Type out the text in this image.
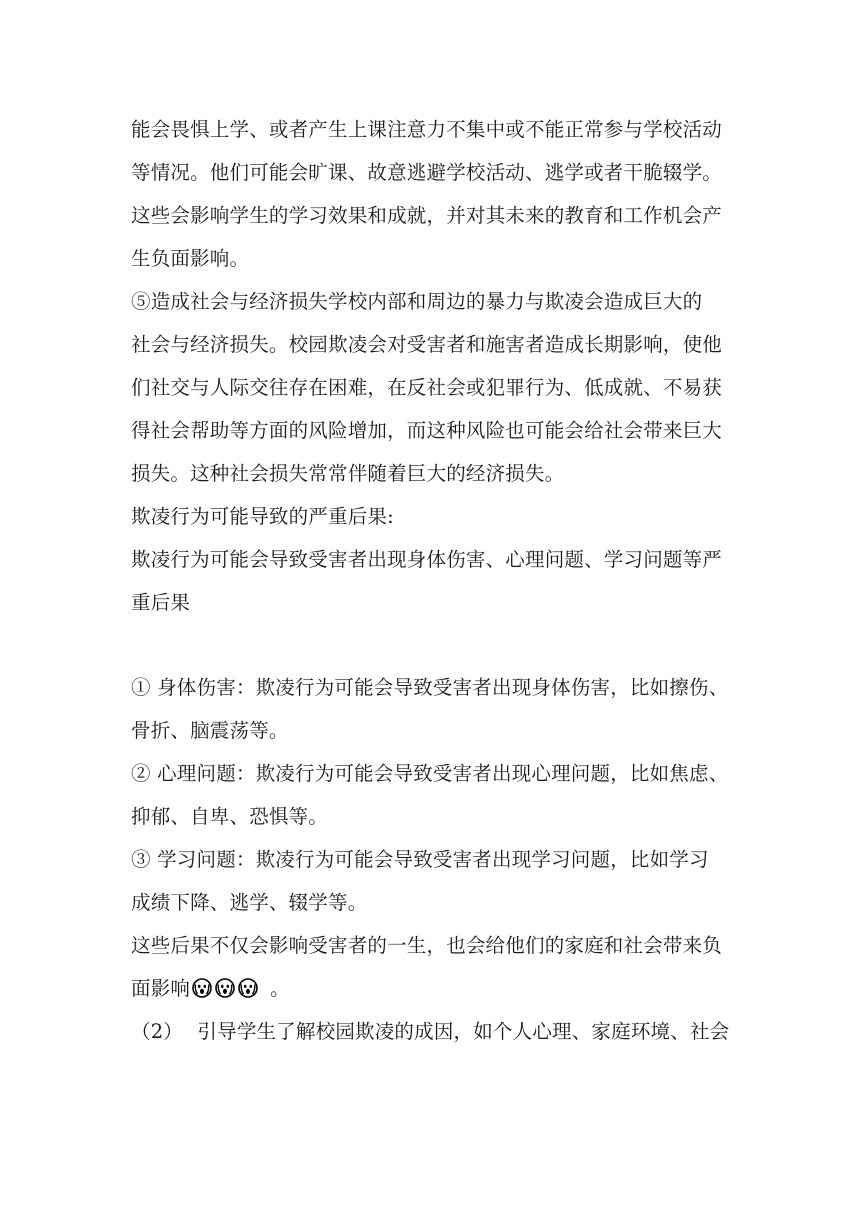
能会畏惧上学、或者产生上课注意力不集中或不能正常参与学校活动
等情况。他们可能会旷课、故意逃避学校活动、逃学或者干脆辍学。
这些会影响学生的学习效果和成就，并对其未来的教育和工作机会产
生负面影响。
⑤造成社会与经济损失学校内部和周边的暴力与欺凌会造成巨大的
社会与经济损失。校园欺凌会对受害者和施害者造成长期影响，使他
们社交与人际交往存在困难，在反社会或犯罪行为、低成就、不易获
得社会帮助等方面的风险增加，而这种风险也可能会给社会带来巨大
损失。这种社会损失常常伴随着巨大的经济损失。
欺凌行为可能导致的严重后果:
欺凌行为可能会导致受害者出现身体伤害、心理问题、学习问题等严
重后果
① 身体伤害：欺凌行为可能会导致受害者出现身体伤害，比如擦伤、
骨折、脑震荡等。
② 心理问题：欺凌行为可能会导致受害者出现心理问题，比如焦虑、
抑郁、自卑、恐惧等。
③ 学习问题：欺凌行为可能会导致受害者出现学习问题，比如学习
成绩下降、逃学、辍学等。
这些后果不仅会影响受害者的一生，也会给他们的家庭和社会带来负
面影响	。
（2） 引导学生了解校园欺凌的成因，如个人心理、家庭环境、社会
